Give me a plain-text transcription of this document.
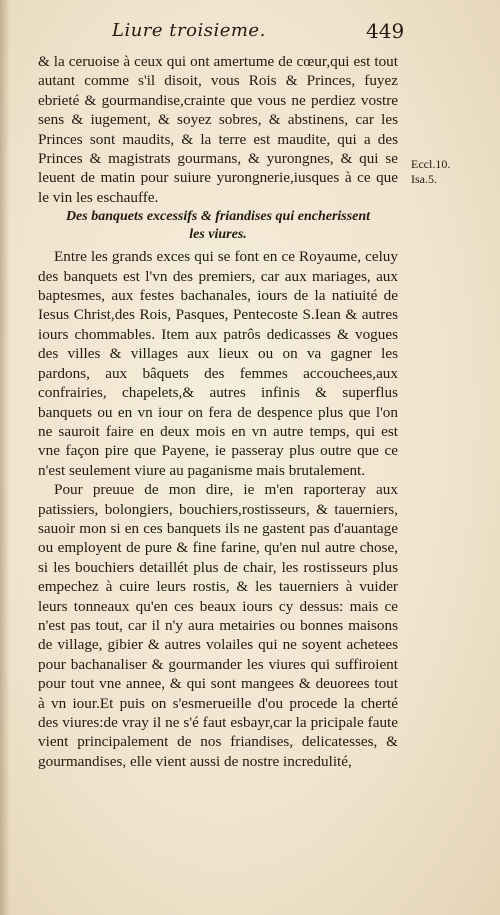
Liure troisieme.	449

& la ceruoise à ceux qui ont amertume de cœur,qui est tout autant comme s'il disoit, vous Rois & Princes, fuyez ebrieté & gourmandise,crainte que vous ne perdiez vostre sens & iugement, & soyez sobres, & abstinens, car les Princes sont maudits, & la terre est maudite, qui a des Princes & magistrats gourmans, & yurongnes, & qui se leuent de matin pour suiure yurongnerie,iusques à ce que le vin les eschauffe.

Des banquets excessifs & friandises qui encherissent les viures.

Entre les grands exces qui se font en ce Royaume, celuy des banquets est l'vn des premiers, car aux mariages, aux baptesmes, aux festes bachanales, iours de la natiuité de Iesus Christ,des Rois, Pasques, Pentecoste S.Iean & autres iours chommables. Item aux patrôs dedicasses & vogues des villes & villages aux lieux ou on va gagner les pardons, aux bâquets des femmes accouchees,aux confrairies, chapelets,& autres infinis & superflus banquets ou en vn iour on fera de despence plus que l'on ne sauroit faire en deux mois en vn autre temps, qui est vne façon pire que Payene, ie passeray plus outre que ce n'est seulement viure au paganisme mais brutalement.

Pour preuue de mon dire, ie m'en raporteray aux patissiers, bolongiers, bouchiers,rostisseurs, & tauerniers, sauoir mon si en ces banquets ils ne gastent pas d'auantage ou employent de pure & fine farine, qu'en nul autre chose, si les bouchiers detaillét plus de chair, les rostisseurs plus empechez à cuire leurs rostis, & les tauerniers à vuider leurs tonneaux qu'en ces beaux iours cy dessus: mais ce n'est pas tout, car il n'y aura metairies ou bonnes maisons de village, gibier & autres volailes qui ne soyent achetees pour bachanaliser & gourmander les viures qui suffiroient pour tout vne annee, & qui sont mangees & deuorees tout à vn iour.Et puis on s'esmerueille d'ou procede la cherté des viures:de vray il ne s'é faut esbayr,car la pricipale faute vient principalement de nos friandises, delicatesses, & gourmandises, elle vient aussi de nostre incredulité,

Eccl.10.
Isa.5.
